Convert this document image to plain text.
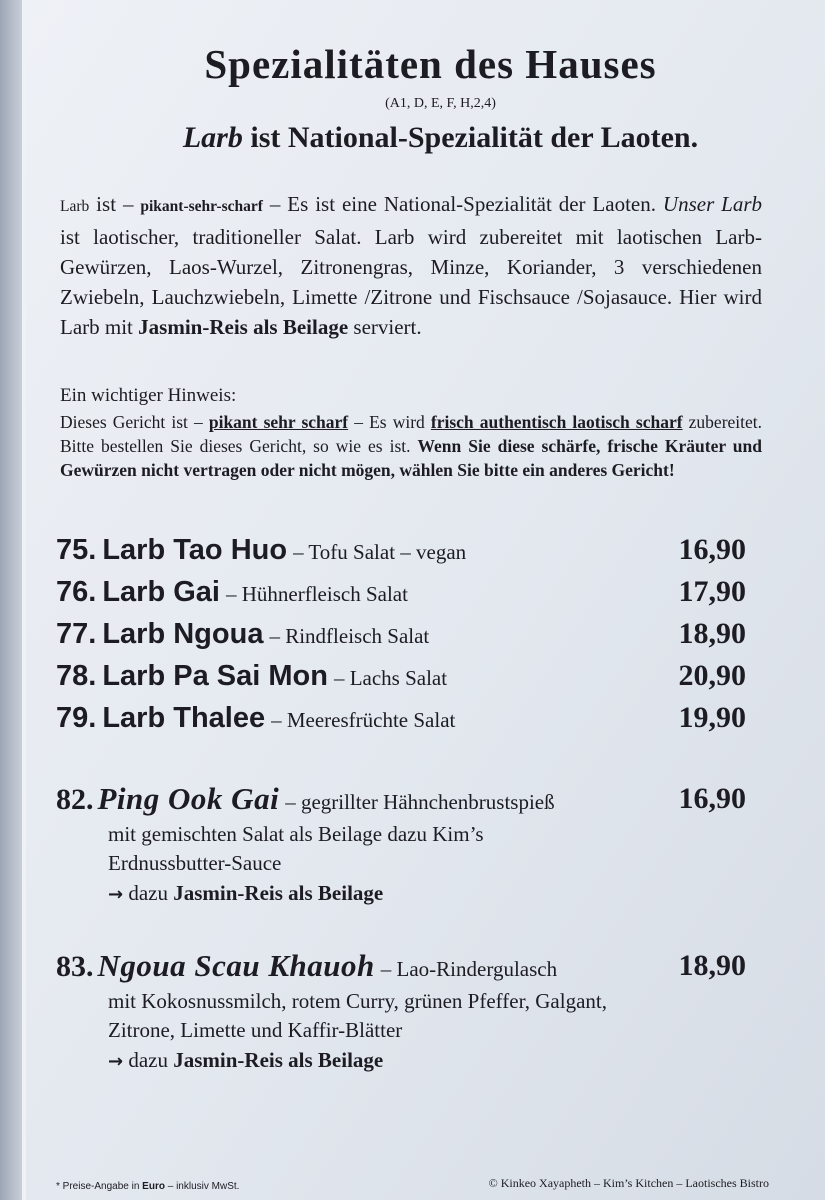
Spezialitäten des Hauses
(A1, D, E, F, H,2,4)
Larb ist National-Spezialität der Laoten.

Larb ist – pikant-sehr-scharf – Es ist eine National-Spezialität der Laoten. Unser Larb ist laotischer, traditioneller Salat. Larb wird zubereitet mit laotischen Larb-Gewürzen, Laos-Wurzel, Zitronengras, Minze, Koriander, 3 verschiedenen Zwiebeln, Lauchzwiebeln, Limette /Zitrone und Fischsauce /Sojasauce. Hier wird Larb mit Jasmin-Reis als Beilage serviert.

Ein wichtiger Hinweis:

Dieses Gericht ist – pikant sehr scharf – Es wird frisch authentisch laotisch scharf zubereitet. Bitte bestellen Sie dieses Gericht, so wie es ist. Wenn Sie diese schärfe, frische Kräuter und Gewürzen nicht vertragen oder nicht mögen, wählen Sie bitte ein anderes Gericht!

75. Larb Tao Huo – Tofu Salat – vegan	16,90
76. Larb Gai – Hühnerfleisch Salat	17,90
77. Larb Ngoua – Rindfleisch Salat	18,90
78. Larb Pa Sai Mon – Lachs Salat	20,90
79. Larb Thalee – Meeresfrüchte Salat	19,90
82. Ping Ook Gai – gegrillter Hähnchenbrustspieß	16,90
mit gemischten Salat als Beilage dazu Kim’s Erdnussbutter-Sauce
→ dazu Jasmin-Reis als Beilage
83. Ngoua Scau Khauoh – Lao-Rindergulasch	18,90
mit Kokosnussmilch, rotem Curry, grünen Pfeffer, Galgant, Zitrone, Limette und Kaffir-Blätter
→ dazu Jasmin-Reis als Beilage
* Preise-Angabe in Euro – inklusiv MwSt.	© Kinkeo Xayapheth – Kim’s Kitchen – Laotisches Bistro
